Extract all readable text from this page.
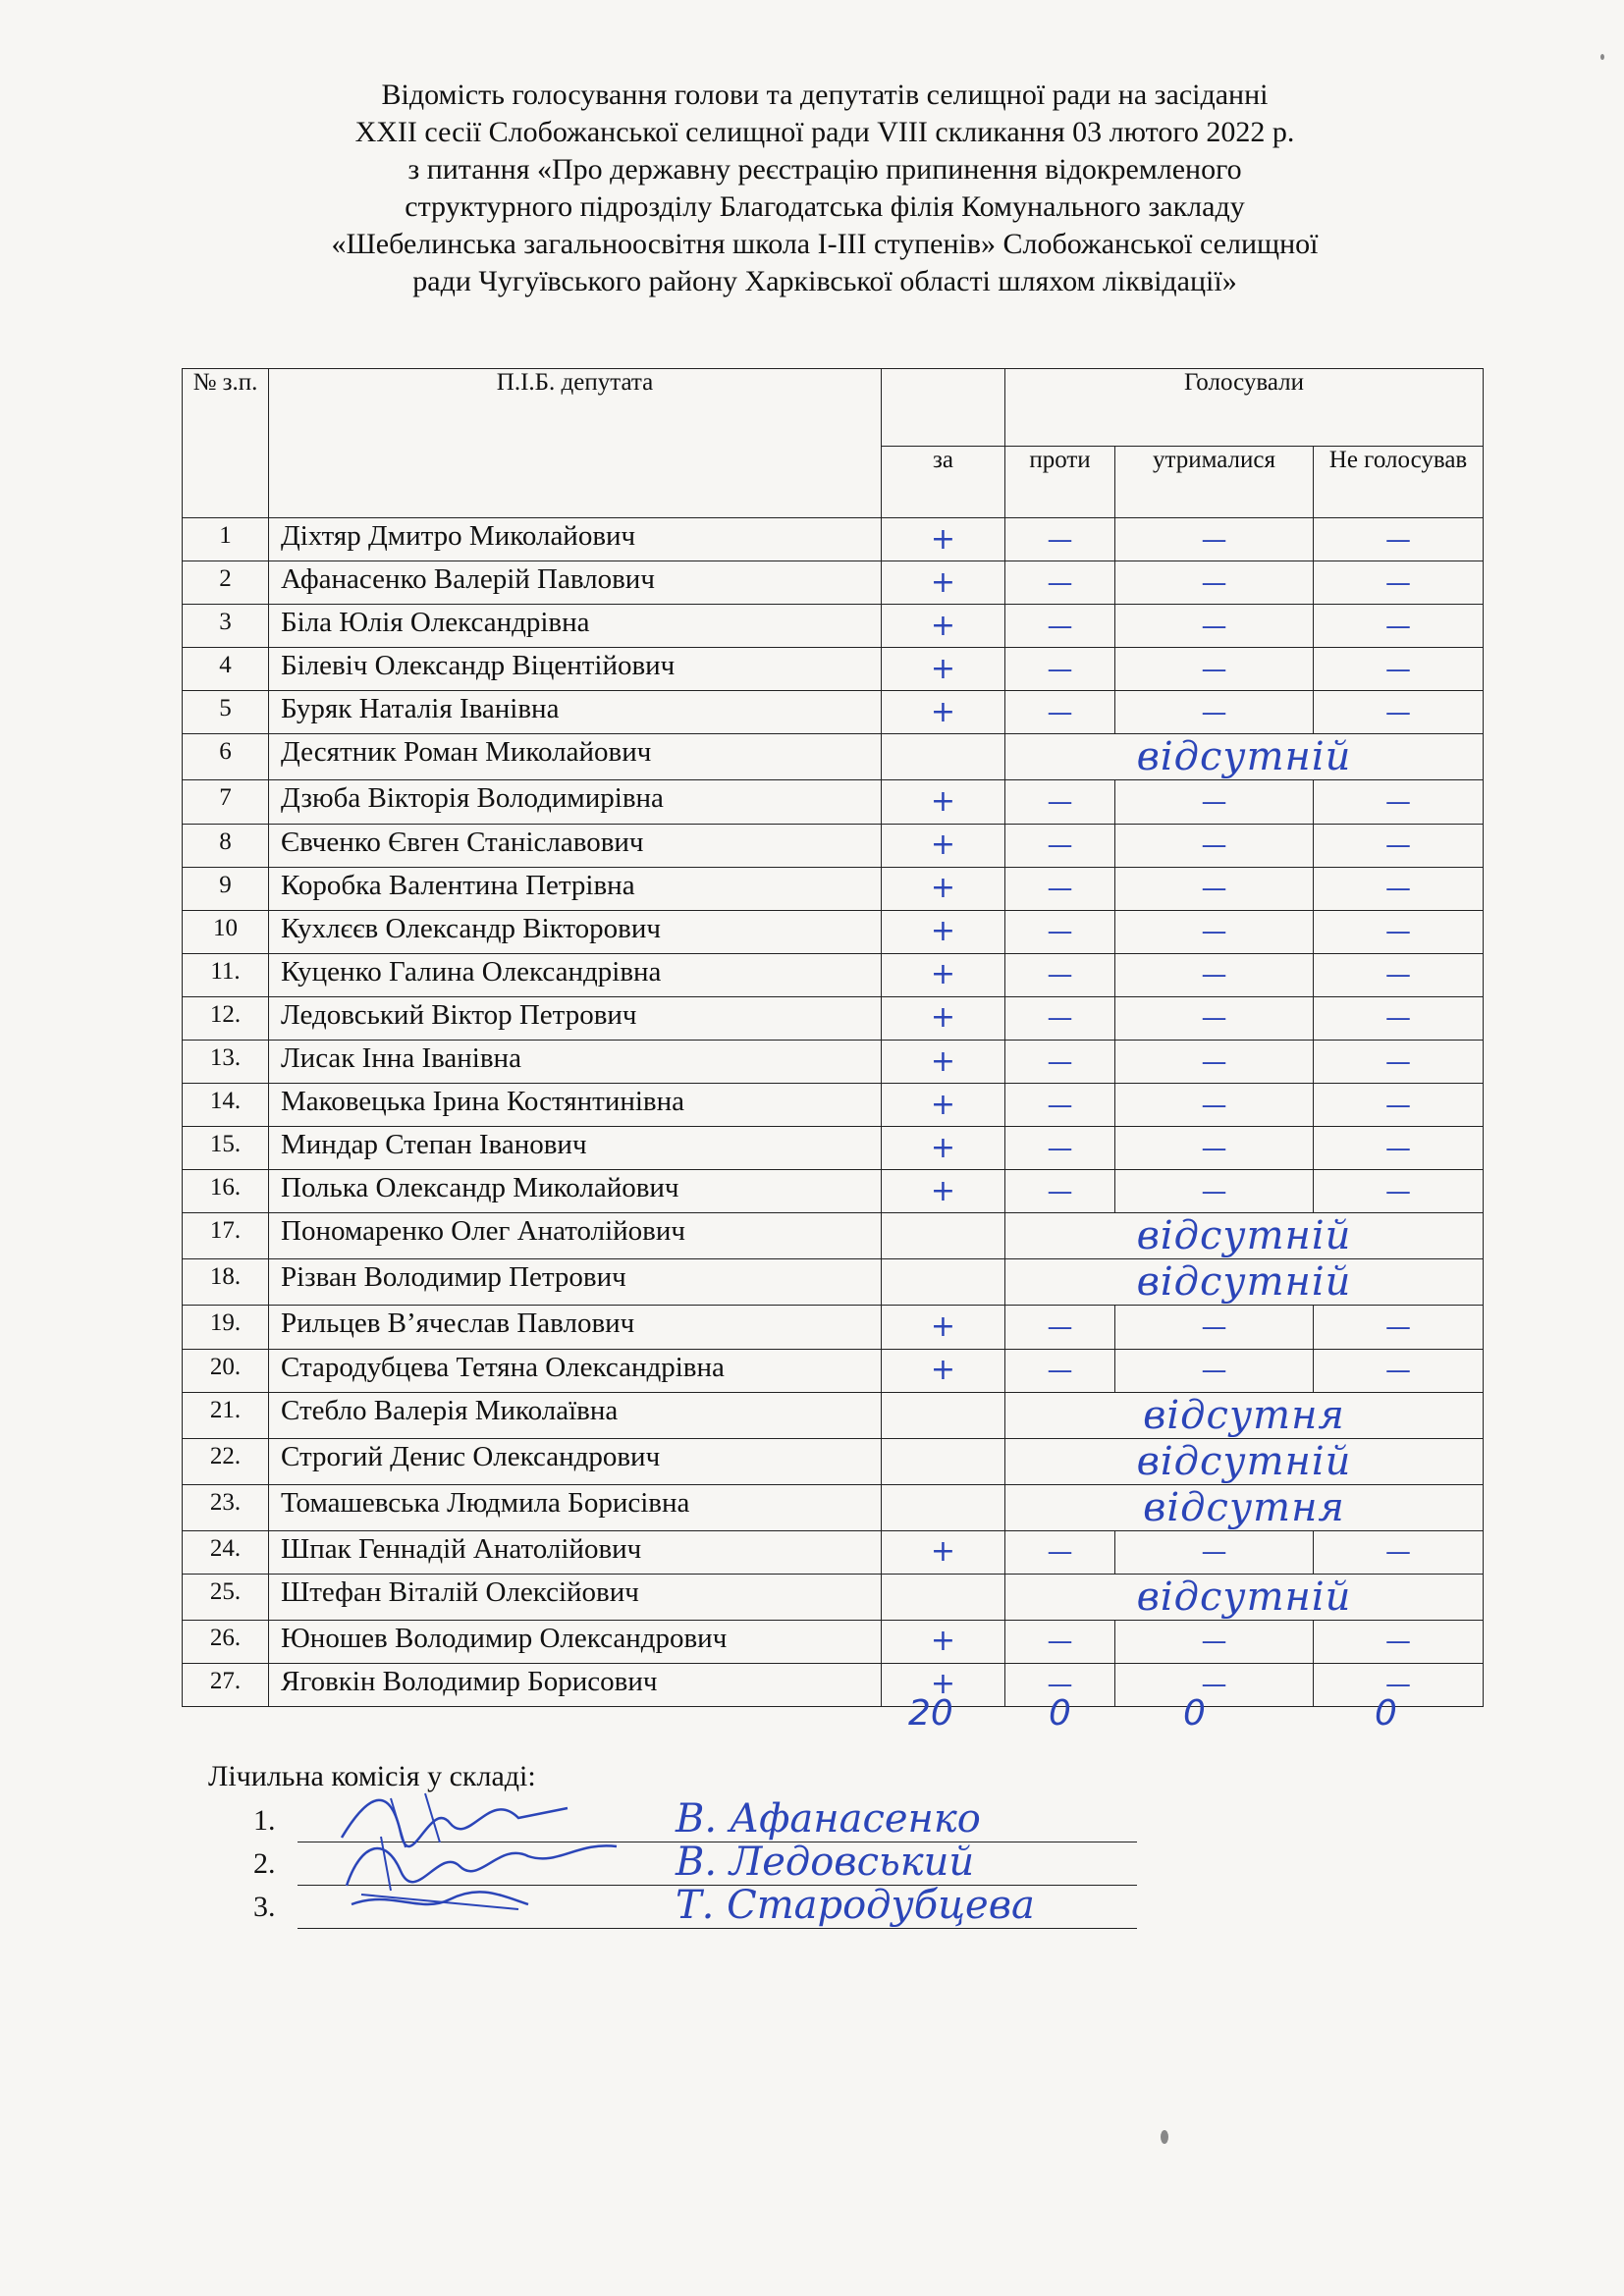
Відомість голосування голови та депутатів селищної ради на засіданні
XXII сесії Слобожанської селищної ради VIII скликання 03 лютого 2022 р.
з питання «Про державну реєстрацію припинення відокремленого
структурного підрозділу Благодатська філія Комунального закладу
«Шебелинська загальноосвітня школа І-ІІІ ступенів» Слобожанської селищної
ради Чугуївського району Харківської області шляхом ліквідації»
№ з.п.	П.І.Б. депутата		Голосували		
		за	проти	утрималися	Не голосував
1	Діхтяр Дмитро Миколайович	+	—	—	—
2	Афанасенко Валерій Павлович	+	—	—	—
3	Біла Юлія Олександрівна	+	—	—	—
4	Білевіч Олександр Віцентійович	+	—	—	—
5	Буряк Наталія Іванівна	+	—	—	—
6	Десятник Роман Миколайович		відсутній		
7	Дзюба Вікторія Володимирівна	+	—	—	—
8	Євченко Євген Станіславович	+	—	—	—
9	Коробка Валентина Петрівна	+	—	—	—
10	Кухлєєв Олександр Вікторович	+	—	—	—
11.	Куценко Галина Олександрівна	+	—	—	—
12.	Ледовський Віктор Петрович	+	—	—	—
13.	Лисак Інна Іванівна	+	—	—	—
14.	Маковецька Ірина Костянтинівна	+	—	—	—
15.	Миндар Степан Іванович	+	—	—	—
16.	Полька Олександр Миколайович	+	—	—	—
17.	Пономаренко Олег Анатолійович		відсутній		
18.	Різван Володимир Петрович		відсутній		
19.	Рильцев В’ячеслав Павлович	+	—	—	—
20.	Стародубцева Тетяна Олександрівна	+	—	—	—
21.	Стебло Валерія Миколаївна		відсутня		
22.	Строгий Денис Олександрович		відсутній		
23.	Томашевська Людмила Борисівна		відсутня		
24.	Шпак Геннадій Анатолійович	+	—	—	—
25.	Штефан Віталій Олексійович		відсутній		
26.	Юношев Володимир Олександрович	+	—	—	—
27.	Яговкін Володимир Борисович	+	—	—	—
20	0	0	0
Лічильна комісія у складі:
1.	В. Афанасенко
2.	В. Ледовський
3.	Т. Стародубцева
